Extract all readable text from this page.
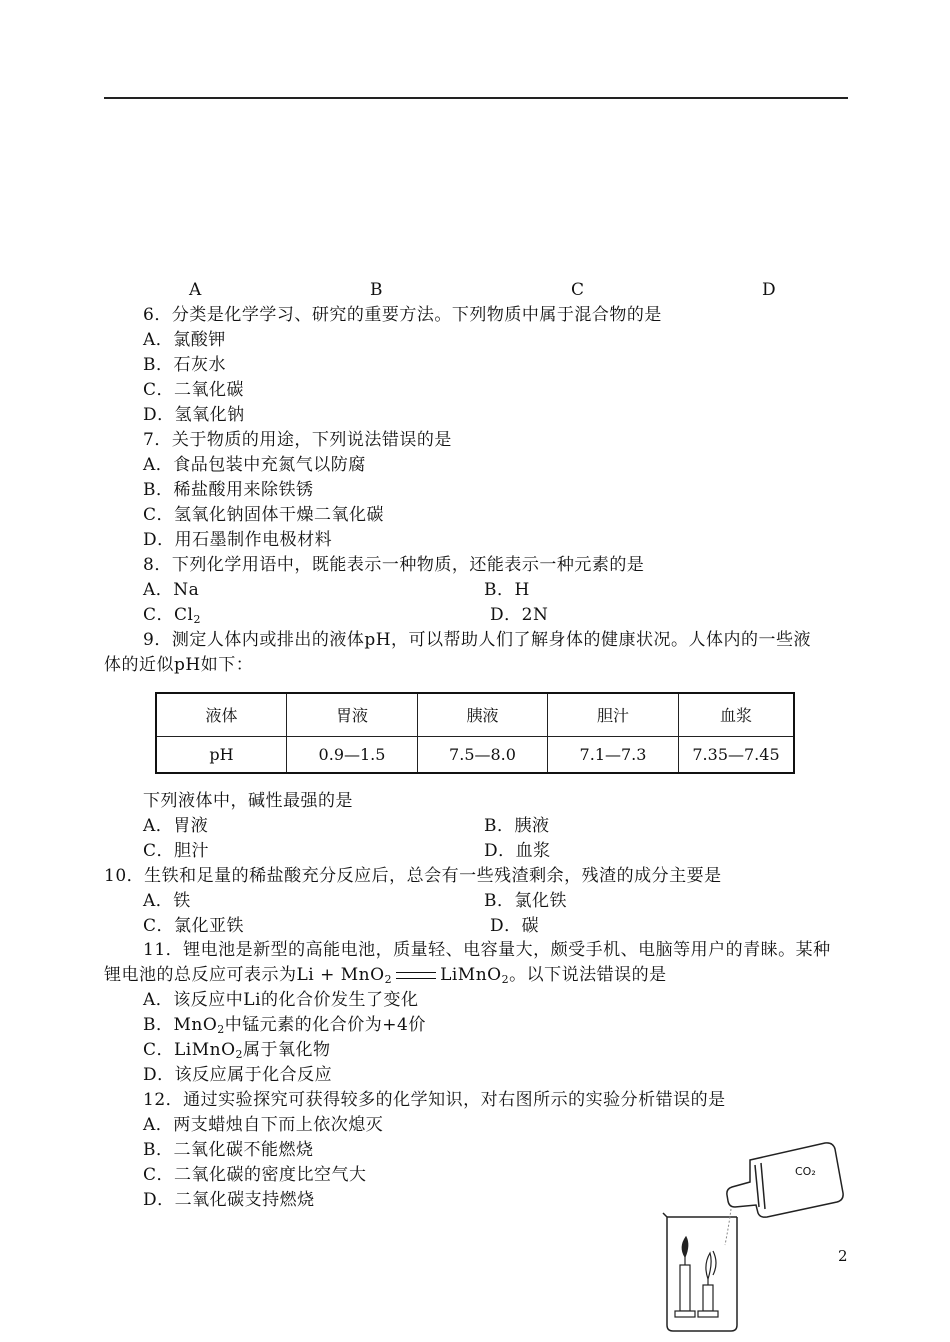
A	B	C	D
6．分类是化学学习、研究的重要方法。下列物质中属于混合物的是
A．氯酸钾
B．石灰水
C．二氧化碳
D．氢氧化钠
7．关于物质的用途，下列说法错误的是
A．食品包装中充氮气以防腐
B．稀盐酸用来除铁锈
C．氢氧化钠固体干燥二氧化碳
D．用石墨制作电极材料
8．下列化学用语中，既能表示一种物质，还能表示一种元素的是
A．Na	B．H
C．$Cl_2$	D．2N
9．测定人体内或排出的液体pH，可以帮助人们了解身体的健康状况。人体内的一些液
体的近似pH如下：
液体	胃液	胰液	胆汁	血浆
pH	0.9—1.5	7.5—8.0	7.1—7.3	7.35—7.45
下列液体中，碱性最强的是
A．胃液	B．胰液
C．胆汁	D．血浆
10．生铁和足量的稀盐酸充分反应后，总会有一些残渣剩余，残渣的成分主要是
A．铁	B．氯化铁
C．氯化亚铁	D．碳
11．锂电池是新型的高能电池，质量轻、电容量大，颇受手机、电脑等用户的青睐。某种
锂电池的总反应可表示为Li + MnO$_2$	LiMnO$_2$。以下说法错误的是
A．该反应中Li的化合价发生了变化
B．MnO$_2$中锰元素的化合价为+4价
C．LiMnO$_2$属于氧化物
D．该反应属于化合反应
12．通过实验探究可获得较多的化学知识，对右图所示的实验分析错误的是
A．两支蜡烛自下而上依次熄灭
B．二氧化碳不能燃烧
C．二氧化碳的密度比空气大
D．二氧化碳支持燃烧
CO₂
2
